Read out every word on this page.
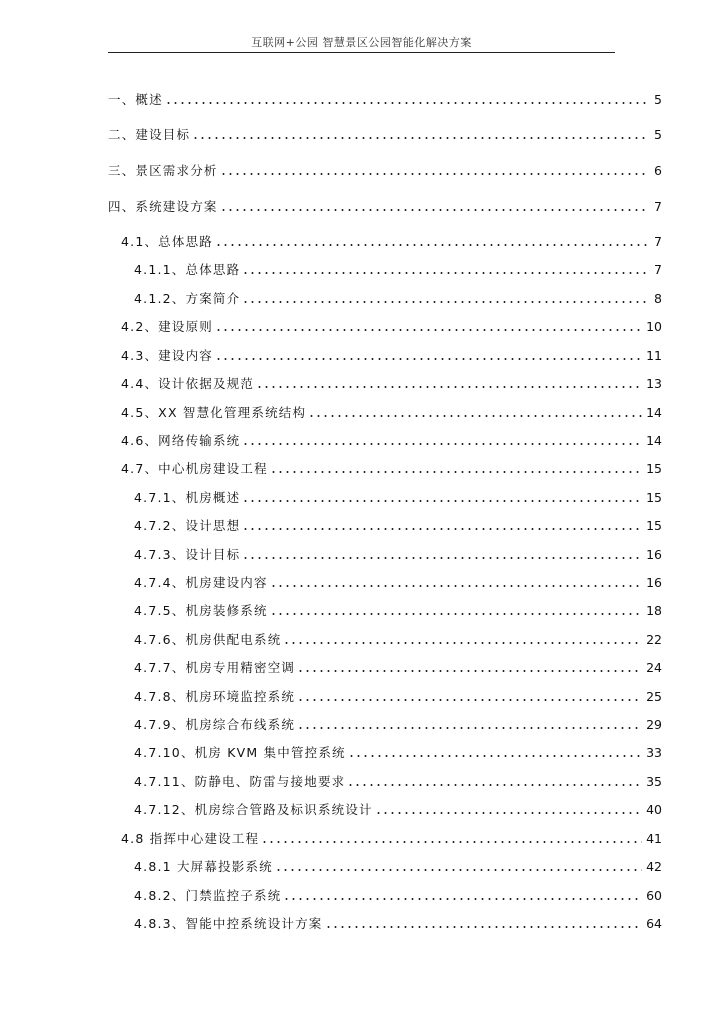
互联网+公园 智慧景区公园智能化解决方案
一、概述	5
二、建设目标	5
三、景区需求分析	6
四、系统建设方案	7
4.1、总体思路	7
4.1.1、总体思路	7
4.1.2、方案简介	8
4.2、建设原则	10
4.3、建设内容	11
4.4、设计依据及规范	13
4.5、XX 智慧化管理系统结构	14
4.6、网络传输系统	14
4.7、中心机房建设工程	15
4.7.1、机房概述	15
4.7.2、设计思想	15
4.7.3、设计目标	16
4.7.4、机房建设内容	16
4.7.5、机房装修系统	18
4.7.6、机房供配电系统	22
4.7.7、机房专用精密空调	24
4.7.8、机房环境监控系统	25
4.7.9、机房综合布线系统	29
4.7.10、机房 KVM 集中管控系统	33
4.7.11、防静电、防雷与接地要求	35
4.7.12、机房综合管路及标识系统设计	40
4.8 指挥中心建设工程	41
4.8.1 大屏幕投影系统	42
4.8.2、门禁监控子系统	60
4.8.3、智能中控系统设计方案	64
